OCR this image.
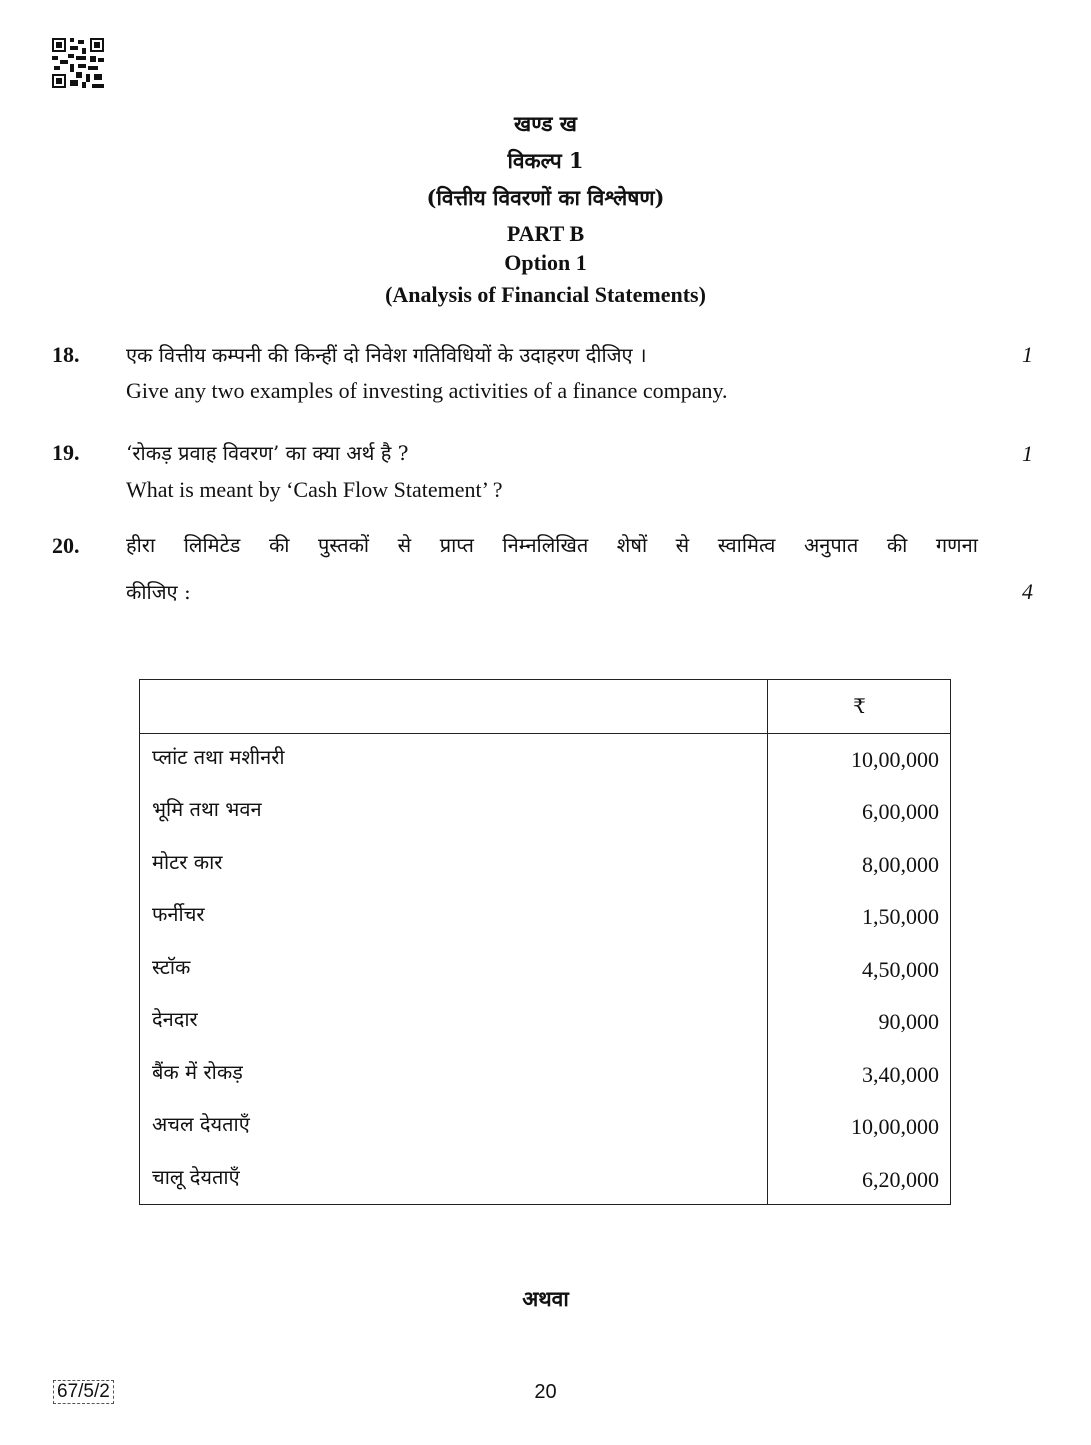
खण्ड ख
विकल्प 1
(वित्तीय विवरणों का विश्लेषण)
PART B
Option 1
(Analysis of Financial Statements)
18. एक वित्तीय कम्पनी की किन्हीं दो निवेश गतिविधियों के उदाहरण दीजिए ।
Give any two examples of investing activities of a finance company.
1
19. ‘रोकड़ प्रवाह विवरण’ का क्या अर्थ है ?
What is meant by ‘Cash Flow Statement’ ?
1
20. हीरा लिमिटेड की पुस्तकों से प्राप्त निम्नलिखित शेषों से स्वामित्व अनुपात की गणना
कीजिए :	4
₹
प्लांट तथा मशीनरी	10,00,000
भूमि तथा भवन	6,00,000
मोटर कार	8,00,000
फर्नीचर	1,50,000
स्टॉक	4,50,000
देनदार	90,000
बैंक में रोकड़	3,40,000
अचल देयताएँ	10,00,000
चालू देयताएँ	6,20,000
अथवा
67/5/2	20
